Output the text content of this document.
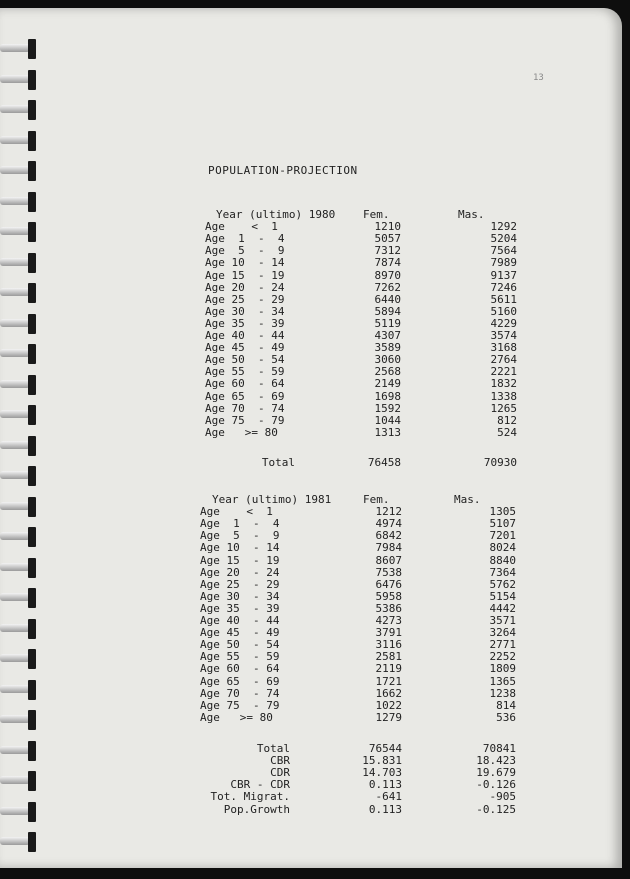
13
POPULATION-PROJECTION
Year (ultimo) 1980	Fem.	Mas.
Age    <  1	1210	1292
Age  1  -  4	5057	5204
Age  5  -  9	7312	7564
Age 10  - 14	7874	7989
Age 15  - 19	8970	9137
Age 20  - 24	7262	7246
Age 25  - 29	6440	5611
Age 30  - 34	5894	5160
Age 35  - 39	5119	4229
Age 40  - 44	4307	3574
Age 45  - 49	3589	3168
Age 50  - 54	3060	2764
Age 55  - 59	2568	2221
Age 60  - 64	2149	1832
Age 65  - 69	1698	1338
Age 70  - 74	1592	1265
Age 75  - 79	1044	812
Age   >= 80	1313	524
Total	76458	70930
Year (ultimo) 1981	Fem.	Mas.
Age    <  1	1212	1305
Age  1  -  4	4974	5107
Age  5  -  9	6842	7201
Age 10  - 14	7984	8024
Age 15  - 19	8607	8840
Age 20  - 24	7538	7364
Age 25  - 29	6476	5762
Age 30  - 34	5958	5154
Age 35  - 39	5386	4442
Age 40  - 44	4273	3571
Age 45  - 49	3791	3264
Age 50  - 54	3116	2771
Age 55  - 59	2581	2252
Age 60  - 64	2119	1809
Age 65  - 69	1721	1365
Age 70  - 74	1662	1238
Age 75  - 79	1022	814
Age   >= 80	1279	536
Total	76544	70841
CBR	15.831	18.423
CDR	14.703	19.679
CBR - CDR	0.113	-0.126
Tot. Migrat.	-641	-905
Pop.Growth	0.113	-0.125
